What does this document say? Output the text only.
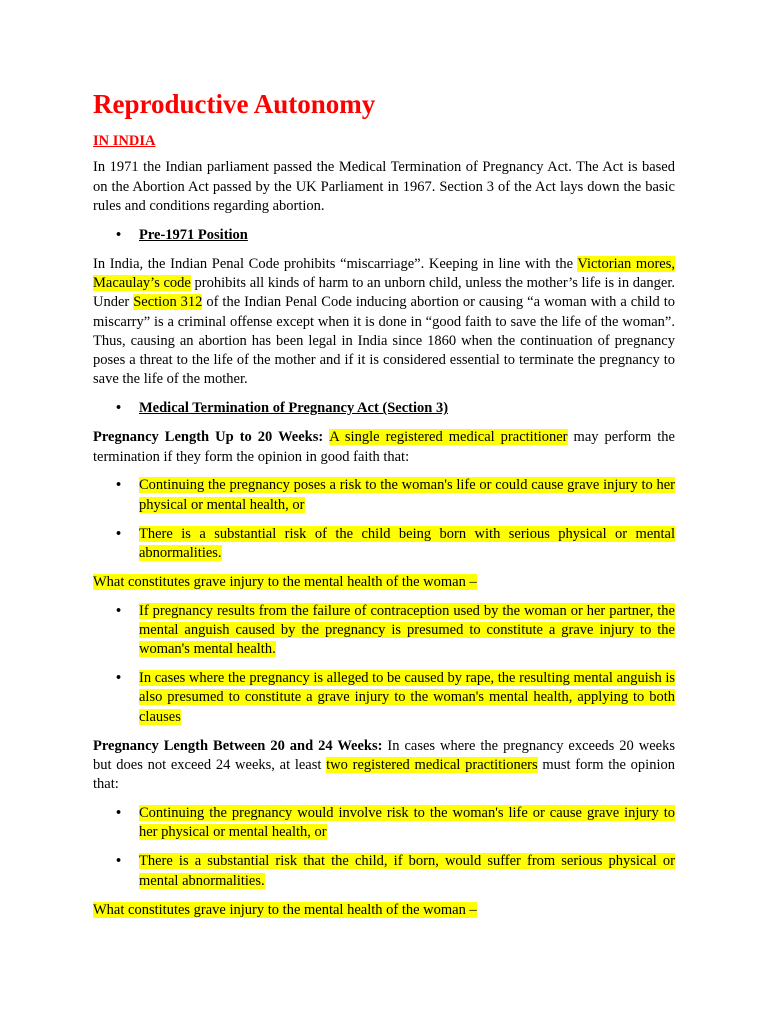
Reproductive Autonomy
IN INDIA

In 1971 the Indian parliament passed the Medical Termination of Pregnancy Act. The Act is based on the Abortion Act passed by the UK Parliament in 1967. Section 3 of the Act lays down the basic rules and conditions regarding abortion.

• Pre-1971 Position

In India, the Indian Penal Code prohibits “miscarriage”. Keeping in line with the Victorian mores, Macaulay’s code prohibits all kinds of harm to an unborn child, unless the mother’s life is in danger. Under Section 312 of the Indian Penal Code inducing abortion or causing “a woman with a child to miscarry” is a criminal offense except when it is done in “good faith to save the life of the woman”. Thus, causing an abortion has been legal in India since 1860 when the continuation of pregnancy poses a threat to the life of the mother and if it is considered essential to terminate the pregnancy to save the life of the mother.

• Medical Termination of Pregnancy Act (Section 3)

Pregnancy Length Up to 20 Weeks: A single registered medical practitioner may perform the termination if they form the opinion in good faith that:

• Continuing the pregnancy poses a risk to the woman's life or could cause grave injury to her physical or mental health, or
• There is a substantial risk of the child being born with serious physical or mental abnormalities.

What constitutes grave injury to the mental health of the woman –

• If pregnancy results from the failure of contraception used by the woman or her partner, the mental anguish caused by the pregnancy is presumed to constitute a grave injury to the woman's mental health.
• In cases where the pregnancy is alleged to be caused by rape, the resulting mental anguish is also presumed to constitute a grave injury to the woman's mental health, applying to both clauses

Pregnancy Length Between 20 and 24 Weeks: In cases where the pregnancy exceeds 20 weeks but does not exceed 24 weeks, at least two registered medical practitioners must form the opinion that:

• Continuing the pregnancy would involve risk to the woman's life or cause grave injury to her physical or mental health, or
• There is a substantial risk that the child, if born, would suffer from serious physical or mental abnormalities.

What constitutes grave injury to the mental health of the woman –
